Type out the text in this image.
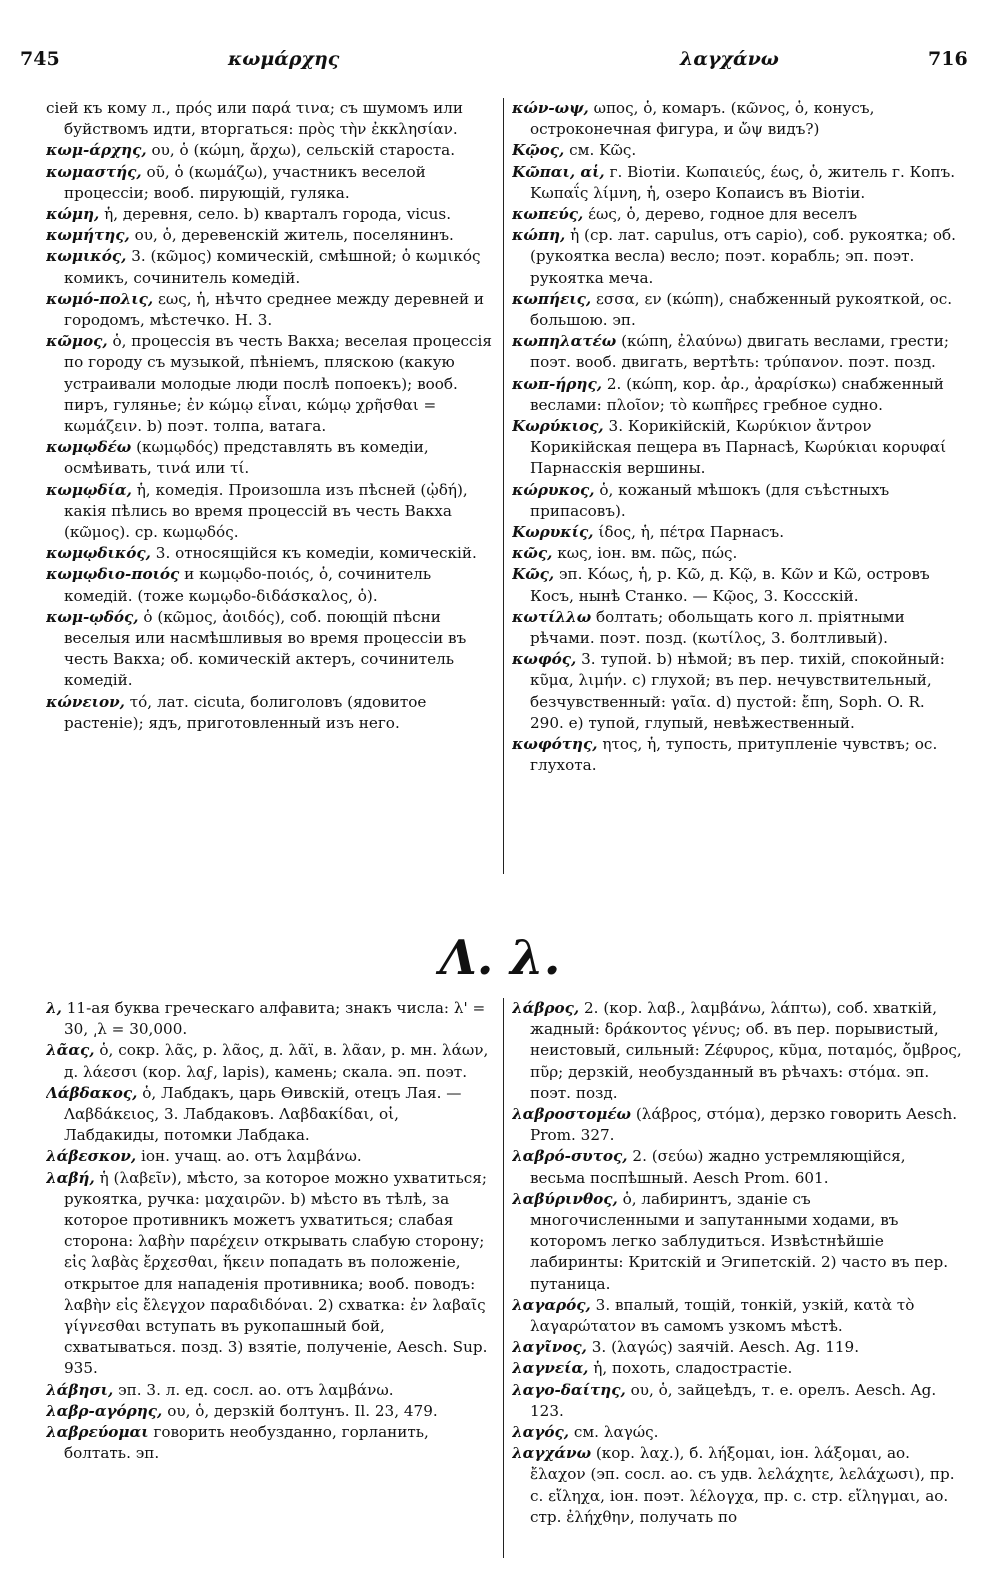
745	κωμάρχης	λαγχάνω	716

сiей къ кому л., πρός или παρά τινα; съ шумомъ или буйствомъ идти, вторгаться: πρὸς τὴν ἐκκλησίαν.

κωμ-άρχης, ου, ὁ (κώμη, ἄρχω), сельскiй староста.

κωμαστής, οῦ, ὁ (κωμάζω), участникъ веселой процессiи; вооб. пирующiй, гуляка.

κώμη, ἡ, деревня, село. b) кварталъ города, vicus.

κωμήτης, ου, ὁ, деревенскiй житель, поселянинъ.

κωμικός, 3. (κῶμος) комическiй, смѣшной; ὁ κωμικός комикъ, сочинитель комедiй.

κωμό-πολις, εως, ἡ, нѣчто среднее между деревней и городомъ, мѣстечко. Н. 3.

κῶμος, ὁ, процессiя въ честь Вакха; веселая процессiя по городу съ музыкой, пѣнiемъ, пляскою (какую устраивали молодые люди послѣ попоекъ); вооб. пиръ, гулянье; ἐν κώμῳ εἶναι, κώμῳ χρῆσθαι = κωμάζειν. b) поэт. толпа, ватага.

κωμῳδέω (κωμῳδός) представлять въ комедiи, осмѣивать, τινά или τί.

κωμῳδία, ἡ, комедiя. Произошла изъ пѣсней (ᾠδή), какiя пѣлись во время процессiй въ честь Вакха (κῶμος). ср. κωμῳδός.

κωμῳδικός, 3. относящiйся къ комедiи, комическiй.

κωμῳδιο-ποιός и κωμῳδο-ποιός, ὁ, сочинитель комедiй. (тоже κωμῳδο-διδάσκαλος, ὁ).

κωμ-ῳδός, ὁ (κῶμος, ἀοιδός), соб. поющiй пѣсни веселыя или насмѣшливыя во время процессiи въ честь Вакха; об. комическiй актеръ, сочинитель комедiй.

κώνειον, τό, лат. cicuta, болиголовъ (ядовитое растенiе); ядъ, приготовленный изъ него.

κών-ωψ, ωπος, ὁ, комаръ. (κῶνος, ὁ, конусъ, остроконечная фигура, и ὤψ видъ?)

Κῷος, см. Κῶς.

Κῶπαι, αἱ, г. Вiотiи. Κωπαιεύς, έως, ὁ, житель г. Копъ. Κωπαΐς λίμνη, ἡ, озеро Копаисъ въ Вiотiи.

κωπεύς, έως, ὁ, дерево, годное для веселъ

κώπη, ἡ (ср. лат. capulus, отъ capio), соб. рукоятка; об. (рукоятка весла) весло; поэт. корабль; эп. поэт. рукоятка меча.

κωπήεις, εσσα, εν (κώπη), снабженный рукояткой, ос. большою. эп.

κωπηλατέω (κώπη, ἐλαύνω) двигать веслами, грести; поэт. вооб. двигать, вертѣть: τρύπανον. поэт. позд.

κωπ-ήρης, 2. (κώπη, кор. ἀρ., ἀραρίσκω) снабженный веслами: πλοῖον; τὸ κωπῆρες гребное судно.

Κωρύκιος, 3. Корикiйскiй, Κωρύκιον ἄντρον Корикiйская пещера въ Парнасѣ, Κωρύκιαι κορυφαί Парнасскiя вершины.

κώρυκος, ὁ, кожаный мѣшокъ (для съѣстныхъ припасовъ).

Κωρυκίς, ίδος, ἡ, πέτρα Парнасъ.

κῶς, κως, iон. вм. πῶς, πώς.

Κῶς, эп. Κόως, ἡ, р. Κῶ, д. Κῷ, в. Κῶν и Κῶ, островъ Косъ, нынѣ Станко. — Κῷος, 3. Коссскiй.

κωτίλλω болтать; обольщать кого л. прiятными рѣчами. поэт. позд. (κωτίλος, 3. болтливый).

κωφός, 3. тупой. b) нѣмой; въ пер. тихiй, спокойный: κῦμα, λιμήν. c) глухой; въ пер. нечувствительный, безчувственный: γαῖα. d) пустой: ἔπη, Soph. O. R. 290. e) тупой, глупый, невѣжественный.

κωφότης, ητος, ἡ, тупость, притупленiе чувствъ; ос. глухота.

Λ. λ.

λ, 11-ая буква греческаго алфавита; знакъ числа: λ' = 30, ͵λ = 30,000.

λᾶας, ὁ, сокр. λᾶς, р. λᾶος, д. λᾶϊ, в. λᾶαν, р. мн. λάων, д. λάεσσι (кор. λαϝ, lapis), камень; скала. эп. поэт.

Λάβδακος, ὁ, Лабдакъ, царь Ѳивскiй, отецъ Лая. — Λαβδάκειος, 3. Лабдаковъ. Λαβδακίδαι, οἱ, Лабдакиды, потомки Лабдака.

λάβεσκον, iон. учащ. ао. отъ λαμβάνω.

λαβή, ἡ (λαβεῖν), мѣсто, за которое можно ухватиться; рукоятка, ручка: μαχαιρῶν. b) мѣсто въ тѣлѣ, за которое противникъ можетъ ухватиться; слабая сторона: λαβὴν παρέχειν открывать слабую сторону; εἰς λαβὰς ἔρχεσθαι, ἥκειν попадать въ положенiе, открытое для нападенiя противника; вооб. поводъ: λαβὴν εἰς ἔλεγχον παραδιδόναι. 2) схватка: ἐν λαβαῖς γίγνεσθαι вступать въ рукопашный бой, схватываться. позд. 3) взятiе, полученiе, Aesch. Sup. 935.

λάβησι, эп. 3. л. ед. сосл. ао. отъ λαμβάνω.

λαβρ-αγόρης, ου, ὁ, дерзкiй болтунъ. Il. 23, 479.

λαβρεύομαι говорить необузданно, горланить, болтать. эп.

λάβρος, 2. (кор. λαβ., λαμβάνω, λάπτω), соб. хваткiй, жадный: δράκοντος γένυς; об. въ пер. порывистый, неистовый, сильный: Ζέφυρος, κῦμα, ποταμός, ὄμβρος, πῦρ; дерзкiй, необузданный въ рѣчахъ: στόμα. эп. поэт. позд.

λαβροστομέω (λάβρος, στόμα), дерзко говорить Aesch. Prom. 327.

λαβρό-συτος, 2. (σεύω) жадно устремляющiйся, весьма поспѣшный. Aesch Prom. 601.

λαβύρινθος, ὁ, лабиринтъ, зданiе съ многочисленными и запутанными ходами, въ которомъ легко заблудиться. Извѣстнѣйшiе лабиринты: Критскiй и Эгипетскiй. 2) часто въ пер. путаница.

λαγαρός, 3. впалый, тощiй, тонкiй, узкiй, κατὰ τὸ λαγαρώτατον въ самомъ узкомъ мѣстѣ.

λαγῖνος, 3. (λαγώς) заячiй. Aesch. Ag. 119.

λαγνεία, ἡ, похоть, сладострастiе.

λαγο-δαίτης, ου, ὁ, зайцеѣдъ, т. е. орелъ. Aesch. Ag. 123.

λαγός, см. λαγώς.

λαγχάνω (кор. λαχ.), б. λήξομαι, iон. λάξομαι, ао. ἔλαχον (эп. сосл. ао. съ удв. λελάχητε, λελάχωσι), пр. с. εἴληχα, iон. поэт. λέλογχα, пр. с. стр. εἴληγμαι, ао. стр. ἐλήχθην, получать по
